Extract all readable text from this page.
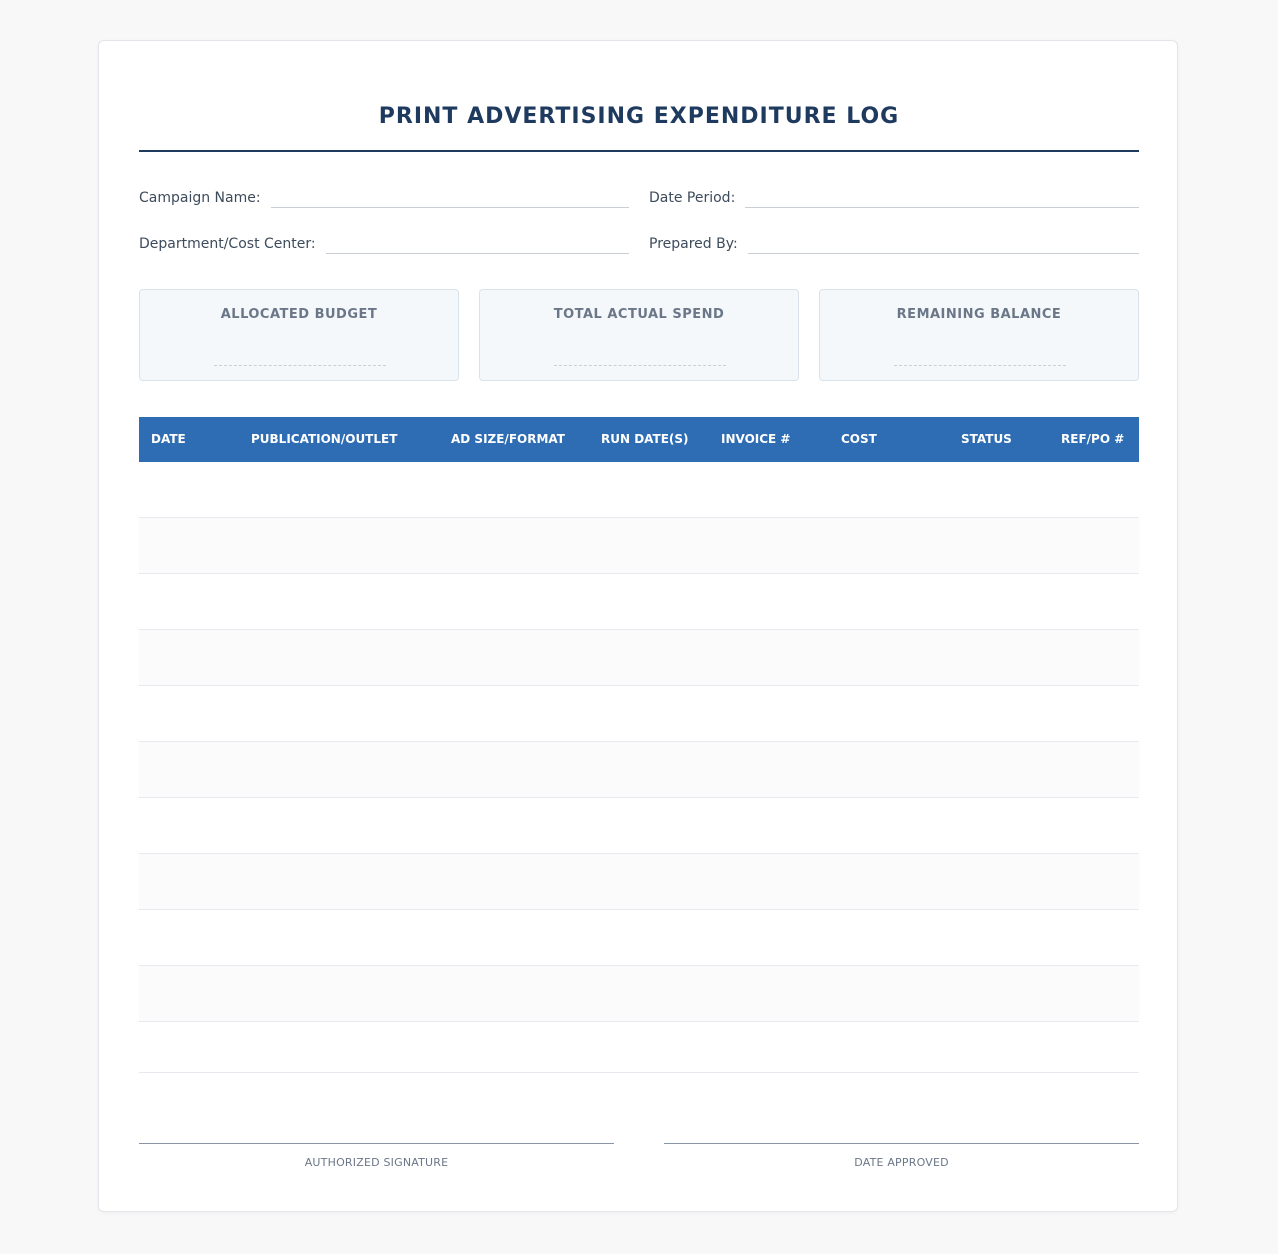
PRINT ADVERTISING EXPENDITURE LOG
Campaign Name:	Date Period:
Department/Cost Center:	Prepared By:
ALLOCATED BUDGET	TOTAL ACTUAL SPEND	REMAINING BALANCE
DATE	PUBLICATION/OUTLET	AD SIZE/FORMAT	RUN DATE(S)	INVOICE #	COST	STATUS	REF/PO #
AUTHORIZED SIGNATURE	DATE APPROVED
